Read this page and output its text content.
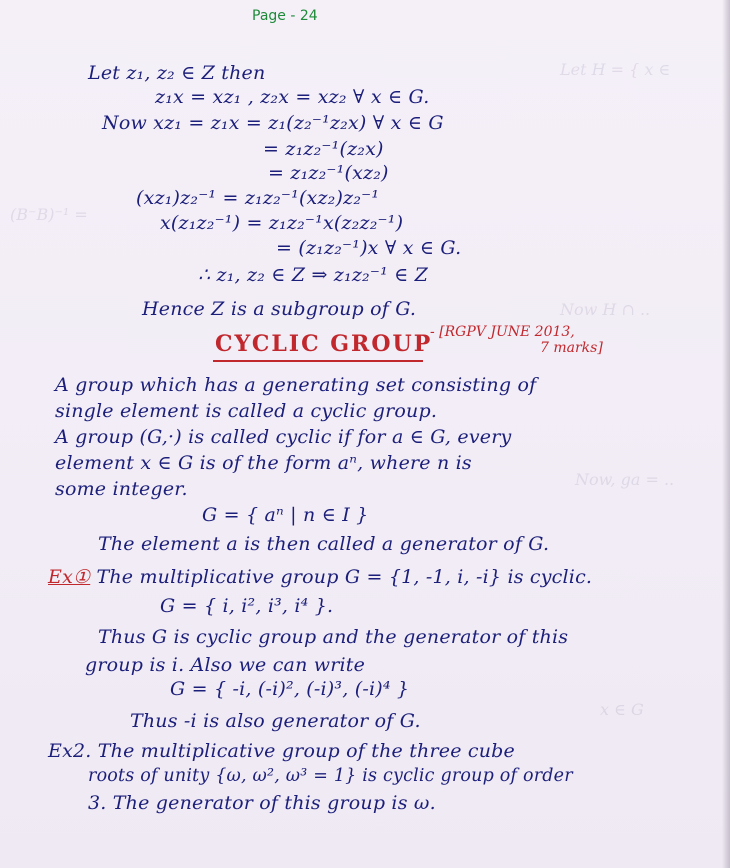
Let H = { x ∈
(B⁻B)⁻¹ =
Now H ∩ ..
Now, ga = ..
x ∈ G
Page - 24
Let z₁, z₂ ∈ Z then
z₁x = xz₁ , z₂x = xz₂ ∀ x ∈ G.
Now xz₁ = z₁x = z₁(z₂⁻¹z₂x) ∀ x ∈ G
= z₁z₂⁻¹(z₂x)
= z₁z₂⁻¹(xz₂)
(xz₁)z₂⁻¹ = z₁z₂⁻¹(xz₂)z₂⁻¹
x(z₁z₂⁻¹) = z₁z₂⁻¹x(z₂z₂⁻¹)
= (z₁z₂⁻¹)x ∀ x ∈ G.
∴ z₁, z₂ ∈ Z ⇒ z₁z₂⁻¹ ∈ Z
Hence Z is a subgroup of G.
CYCLIC GROUP
- [RGPV JUNE 2013,
7 marks]
A group which has a generating set consisting of
single element is called a cyclic group.
A group (G,·) is called cyclic if for a ∈ G, every
element x ∈ G is of the form aⁿ, where n is
some integer.
G = { aⁿ | n ∈ I }
The element a is then called a generator of G.
Ex① The multiplicative group G = {1, -1, i, -i} is cyclic.
G = { i, i², i³, i⁴ }.
Thus G is cyclic group and the generator of this
group is i. Also we can write
G = { -i, (-i)², (-i)³, (-i)⁴ }
Thus -i is also generator of G.
Ex2. The multiplicative group of the three cube
roots of unity {ω, ω², ω³ = 1} is cyclic group of order
3. The generator of this group is ω.
